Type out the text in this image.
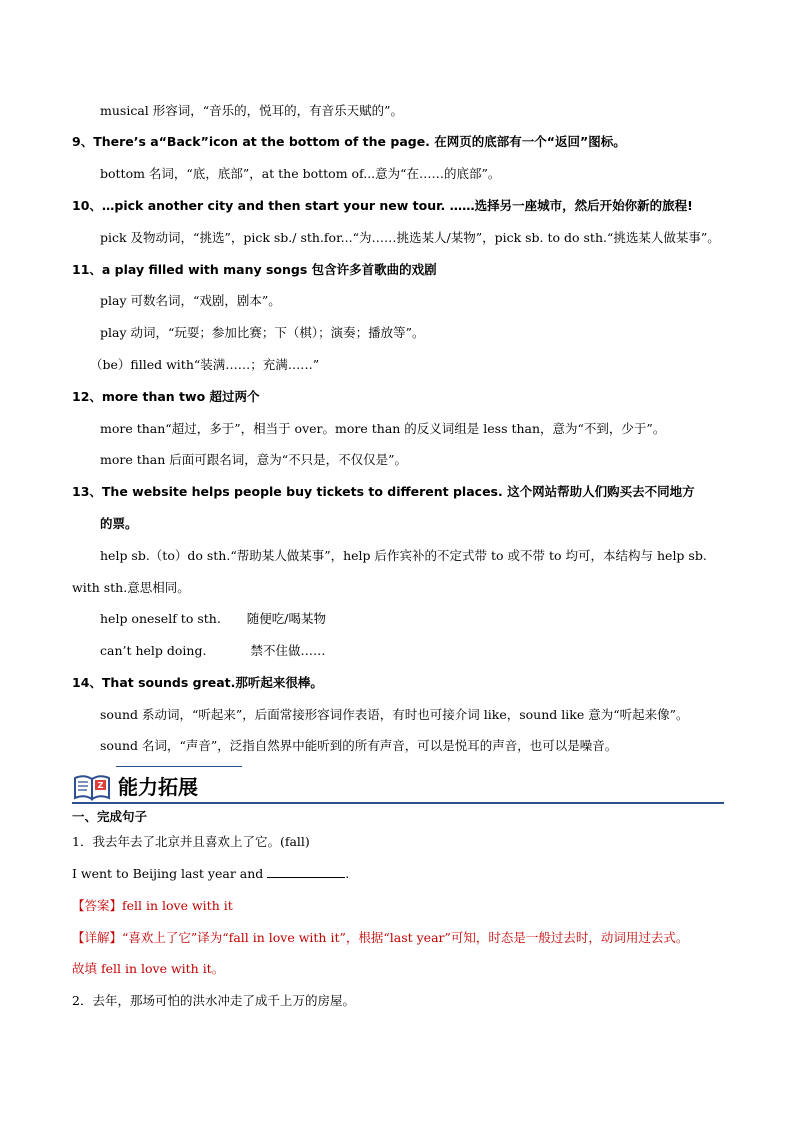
musical 形容词，“音乐的，悦耳的，有音乐天赋的”。
9、There’s a“Back”icon at the bottom of the page. 在网页的底部有一个“返回”图标。
bottom 名词，“底，底部”，at the bottom of...意为“在……的底部”。
10、…pick another city and then start your new tour. ……选择另一座城市，然后开始你新的旅程!
pick 及物动词，“挑选”，pick sb./ sth.for...“为……挑选某人/某物”，pick sb. to do sth.“挑选某人做某事”。
11、a play filled with many songs 包含许多首歌曲的戏剧
play 可数名词，“戏剧，剧本”。
play 动词，“玩耍；参加比赛；下（棋）；演奏；播放等”。
（be）filled with“装满……；充满……”
12、more than two 超过两个
more than“超过，多于”，相当于 over。more than 的反义词组是 less than，意为“不到，少于”。
more than 后面可跟名词，意为“不只是，不仅仅是”。
13、The website helps people buy tickets to different places. 这个网站帮助人们购买去不同地方
的票。
help sb.（to）do sth.“帮助某人做某事”，help 后作宾补的不定式带 to 或不带 to 均可，本结构与 help sb.
with sth.意思相同。
help oneself to sth. 随便吃/喝某物
can’t help doing.	禁不住做……
14、That sounds great.那听起来很棒。
sound 系动词，“听起来”，后面常接形容词作表语，有时也可接介词 like，sound like 意为“听起来像”。
sound 名词，“声音”，泛指自然界中能听到的所有声音，可以是悦耳的声音，也可以是噪音。
Z 能力拓展
一、完成句子
1．我去年去了北京并且喜欢上了它。(fall)
I went to Beijing last year and	.
【答案】fell in love with it
【详解】“喜欢上了它”译为“fall in love with it”，根据“last year”可知，时态是一般过去时，动词用过去式。
故填 fell in love with it。
2．去年，那场可怕的洪水冲走了成千上万的房屋。
